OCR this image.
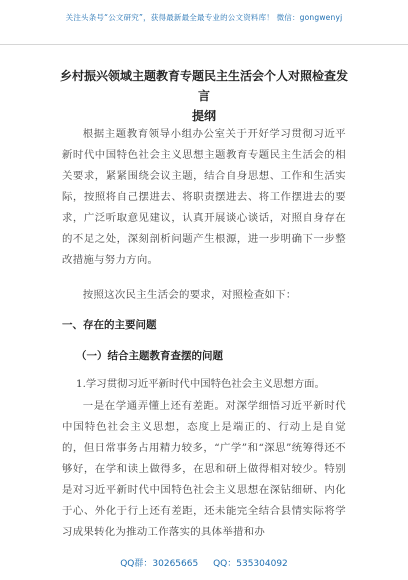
关注头条号“公文研究”，获得最新最全最专业的公文资料库！ 微信：gongwenyj
乡村振兴领域主题教育专题民主生活会个人对照检查发言
提纲

根据主题教育领导小组办公室关于开好学习贯彻习近平新时代中国特色社会主义思想主题教育专题民主生活会的相关要求，紧紧围绕会议主题，结合自身思想、工作和生活实际，按照将自己摆进去、将职责摆进去、将工作摆进去的要求，广泛听取意见建议，认真开展谈心谈话，对照自身存在的不足之处，深刻剖析问题产生根源，进一步明确下一步整改措施与努力方向。

按照这次民主生活会的要求，对照检查如下：

一、存在的主要问题
（一）结合主题教育查摆的问题

1.学习贯彻习近平新时代中国特色社会主义思想方面。

一是在学通弄懂上还有差距。对深学细悟习近平新时代中国特色社会主义思想，态度上是端正的、行动上是自觉的，但日常事务占用精力较多，“广学”和“深思”统筹得还不够好，在学和读上做得多，在思和研上做得相对较少。特别是对习近平新时代中国特色社会主义思想在深钻细研、内化于心、外化于行上还有差距，还未能完全结合县情实际将学习成果转化为推动工作落实的具体举措和办

QQ群：30265665 QQ：535304092
